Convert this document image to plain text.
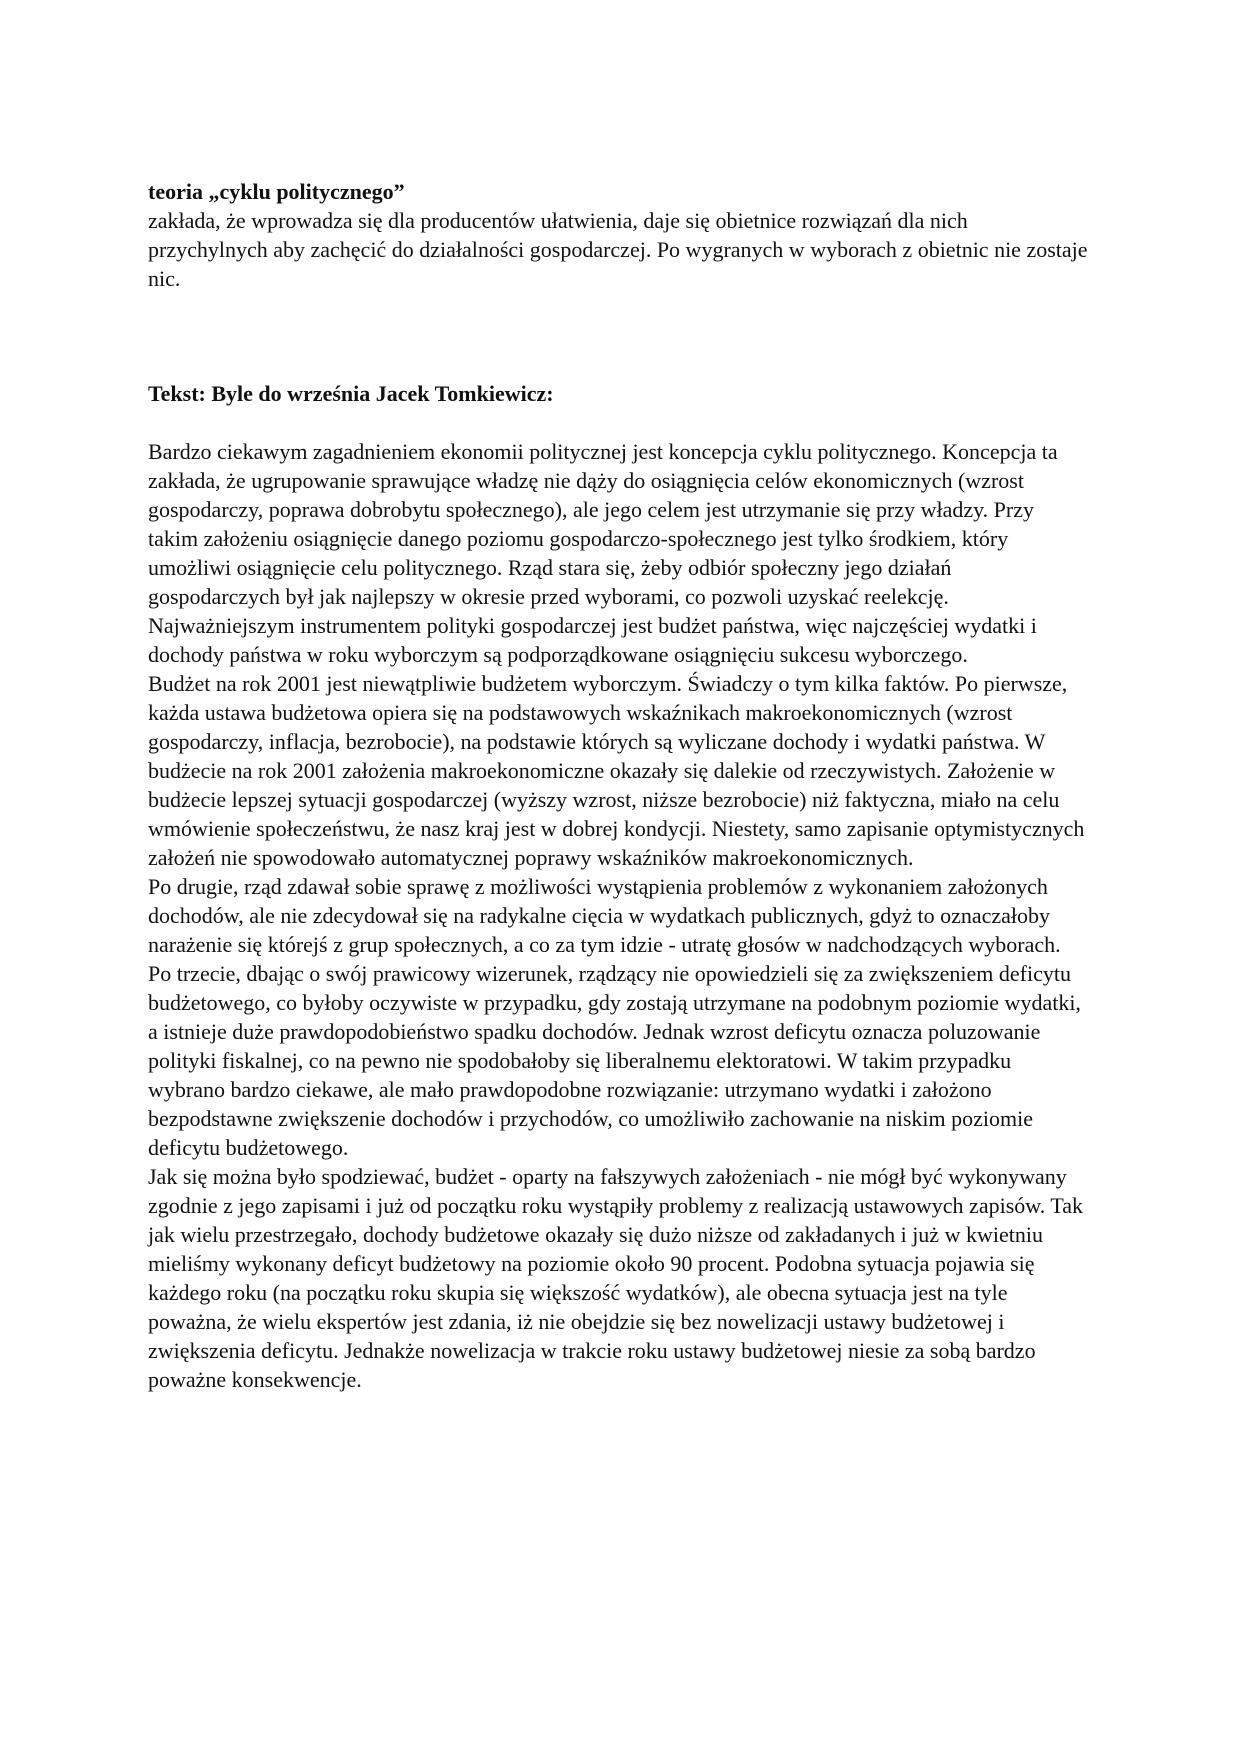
teoria „cyklu politycznego”

zakłada, że wprowadza się dla producentów ułatwienia, daje się obietnice rozwiązań dla nich przychylnych aby zachęcić do działalności gospodarczej. Po wygranych w wyborach z obietnic nie zostaje nic.

Tekst: Byle do września Jacek Tomkiewicz:

Bardzo ciekawym zagadnieniem ekonomii politycznej jest koncepcja cyklu politycznego. Koncepcja ta zakłada, że ugrupowanie sprawujące władzę nie dąży do osiągnięcia celów ekonomicznych (wzrost gospodarczy, poprawa dobrobytu społecznego), ale jego celem jest utrzymanie się przy władzy. Przy takim założeniu osiągnięcie danego poziomu gospodarczo-społecznego jest tylko środkiem, który umożliwi osiągnięcie celu politycznego. Rząd stara się, żeby odbiór społeczny jego działań gospodarczych był jak najlepszy w okresie przed wyborami, co pozwoli uzyskać reelekcję.

Najważniejszym instrumentem polityki gospodarczej jest budżet państwa, więc najczęściej wydatki i dochody państwa w roku wyborczym są podporządkowane osiągnięciu sukcesu wyborczego.

Budżet na rok 2001 jest niewątpliwie budżetem wyborczym. Świadczy o tym kilka faktów. Po pierwsze, każda ustawa budżetowa opiera się na podstawowych wskaźnikach makroekonomicznych (wzrost gospodarczy, inflacja, bezrobocie), na podstawie których są wyliczane dochody i wydatki państwa. W budżecie na rok 2001 założenia makroekonomiczne okazały się dalekie od rzeczywistych. Założenie w budżecie lepszej sytuacji gospodarczej (wyższy wzrost, niższe bezrobocie) niż faktyczna, miało na celu wmówienie społeczeństwu, że nasz kraj jest w dobrej kondycji. Niestety, samo zapisanie optymistycznych założeń nie spowodowało automatycznej poprawy wskaźników makroekonomicznych.

Po drugie, rząd zdawał sobie sprawę z możliwości wystąpienia problemów z wykonaniem założonych dochodów, ale nie zdecydował się na radykalne cięcia w wydatkach publicznych, gdyż to oznaczałoby narażenie się którejś z grup społecznych, a co za tym idzie - utratę głosów w nadchodzących wyborach.

Po trzecie, dbając o swój prawicowy wizerunek, rządzący nie opowiedzieli się za zwiększeniem deficytu budżetowego, co byłoby oczywiste w przypadku, gdy zostają utrzymane na podobnym poziomie wydatki, a istnieje duże prawdopodobieństwo spadku dochodów. Jednak wzrost deficytu oznacza poluzowanie polityki fiskalnej, co na pewno nie spodobałoby się liberalnemu elektoratowi. W takim przypadku wybrano bardzo ciekawe, ale mało prawdopodobne rozwiązanie: utrzymano wydatki i założono bezpodstawne zwiększenie dochodów i przychodów, co umożliwiło zachowanie na niskim poziomie deficytu budżetowego.

Jak się można było spodziewać, budżet - oparty na fałszywych założeniach - nie mógł być wykonywany zgodnie z jego zapisami i już od początku roku wystąpiły problemy z realizacją ustawowych zapisów. Tak jak wielu przestrzegało, dochody budżetowe okazały się dużo niższe od zakładanych i już w kwietniu mieliśmy wykonany deficyt budżetowy na poziomie około 90 procent. Podobna sytuacja pojawia się każdego roku (na początku roku skupia się większość wydatków), ale obecna sytuacja jest na tyle poważna, że wielu ekspertów jest zdania, iż nie obejdzie się bez nowelizacji ustawy budżetowej i zwiększenia deficytu. Jednakże nowelizacja w trakcie roku ustawy budżetowej niesie za sobą bardzo poważne konsekwencje.
